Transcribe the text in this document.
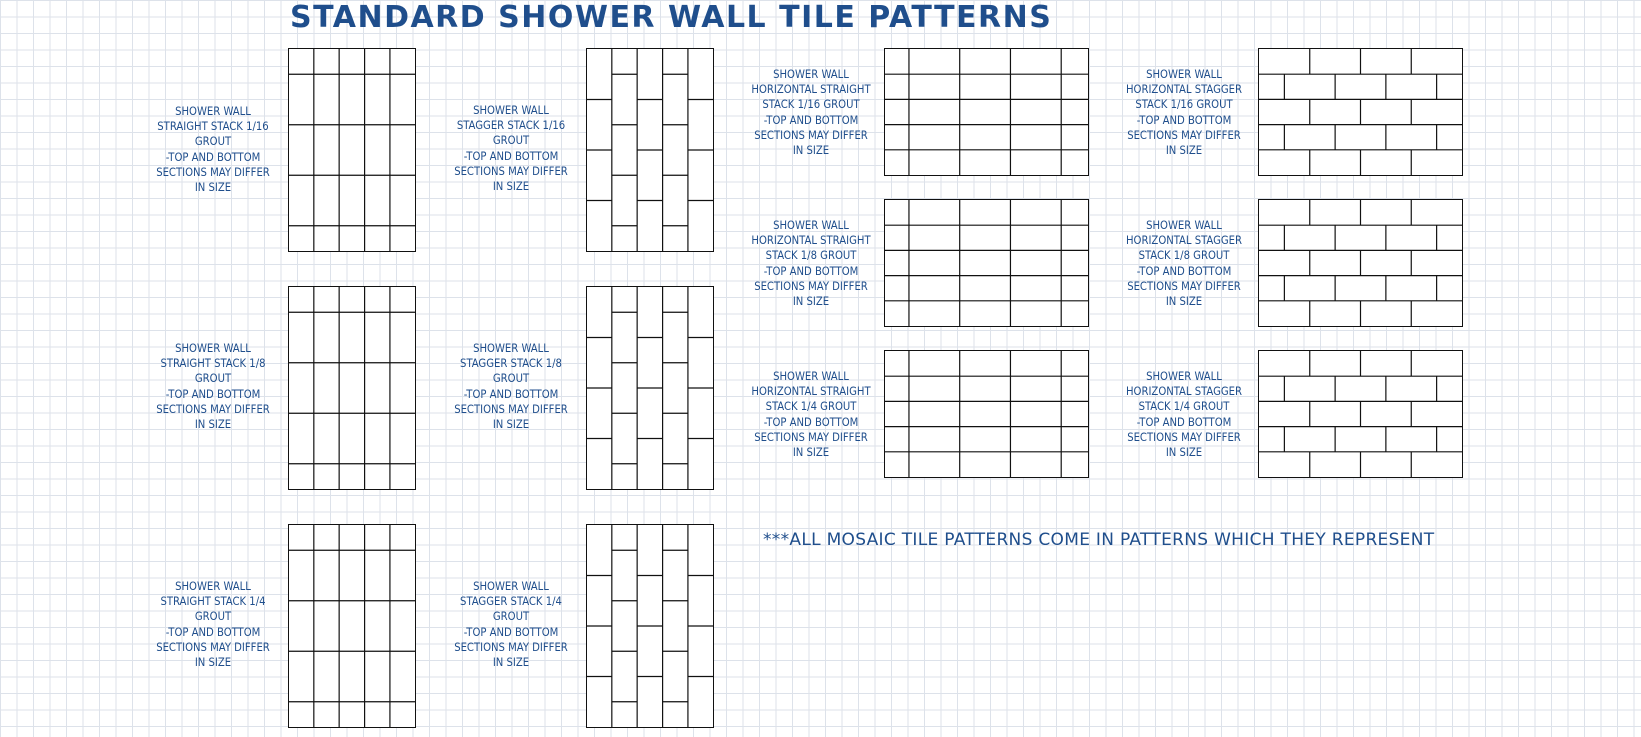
STANDARD SHOWER WALL TILE PATTERNS
SHOWER WALL
STRAIGHT STACK 1/16
GROUT
-TOP AND BOTTOM
SECTIONS MAY DIFFER
IN SIZE
SHOWER WALL
STAGGER STACK 1/16
GROUT
-TOP AND BOTTOM
SECTIONS MAY DIFFER
IN SIZE
SHOWER WALL
HORIZONTAL STRAIGHT
STACK 1/16 GROUT
-TOP AND BOTTOM
SECTIONS MAY DIFFER
IN SIZE
SHOWER WALL
HORIZONTAL STAGGER
STACK 1/16 GROUT
-TOP AND BOTTOM
SECTIONS MAY DIFFER
IN SIZE
SHOWER WALL
HORIZONTAL STRAIGHT
STACK 1/8 GROUT
-TOP AND BOTTOM
SECTIONS MAY DIFFER
IN SIZE
SHOWER WALL
HORIZONTAL STAGGER
STACK 1/8 GROUT
-TOP AND BOTTOM
SECTIONS MAY DIFFER
IN SIZE
SHOWER WALL
STRAIGHT STACK 1/8
GROUT
-TOP AND BOTTOM
SECTIONS MAY DIFFER
IN SIZE
SHOWER WALL
STAGGER STACK 1/8
GROUT
-TOP AND BOTTOM
SECTIONS MAY DIFFER
IN SIZE
SHOWER WALL
HORIZONTAL STRAIGHT
STACK 1/4 GROUT
-TOP AND BOTTOM
SECTIONS MAY DIFFER
IN SIZE
SHOWER WALL
HORIZONTAL STAGGER
STACK 1/4 GROUT
-TOP AND BOTTOM
SECTIONS MAY DIFFER
IN SIZE
SHOWER WALL
STRAIGHT STACK 1/4
GROUT
-TOP AND BOTTOM
SECTIONS MAY DIFFER
IN SIZE
SHOWER WALL
STAGGER STACK 1/4
GROUT
-TOP AND BOTTOM
SECTIONS MAY DIFFER
IN SIZE
***ALL MOSAIC TILE PATTERNS COME IN PATTERNS WHICH THEY REPRESENT
